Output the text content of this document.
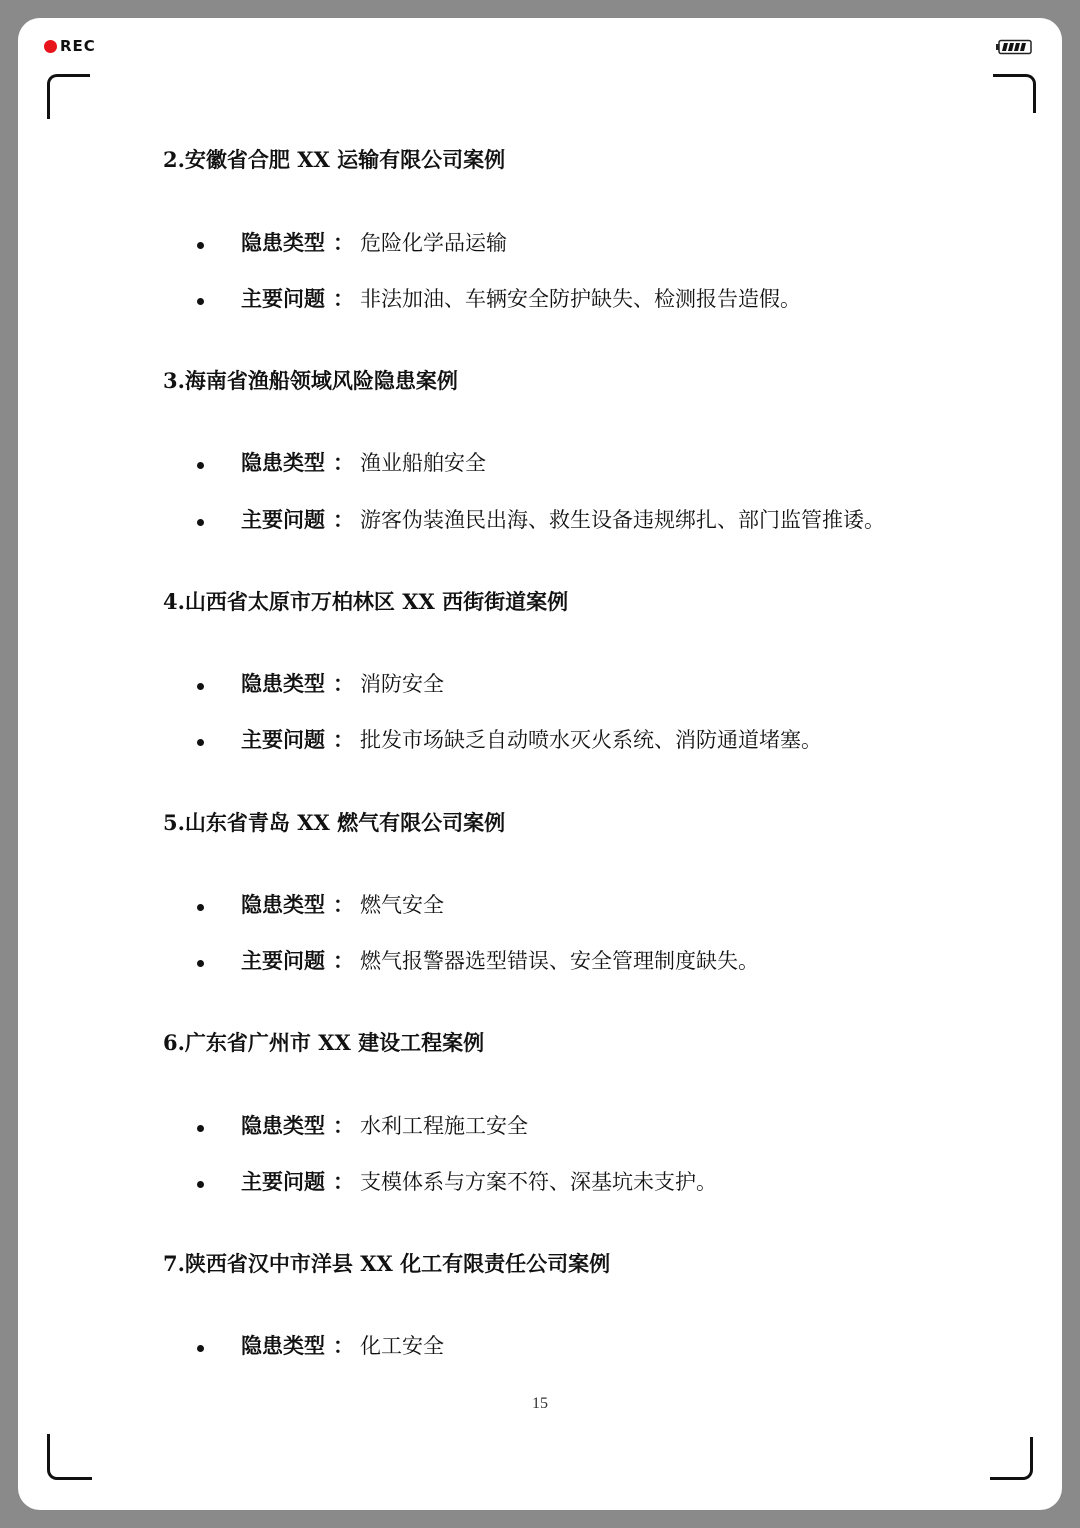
REC
2.安徽省合肥 XX 运输有限公司案例
隐患类型 ： 危险化学品运输
主要问题 ： 非法加油、车辆安全防护缺失、检测报告造假。
3.海南省渔船领域风险隐患案例
隐患类型 ： 渔业船舶安全
主要问题 ： 游客伪装渔民出海、救生设备违规绑扎、部门监管推诿。
4.山西省太原市万柏林区 XX 西街街道案例
隐患类型 ： 消防安全
主要问题 ： 批发市场缺乏自动喷水灭火系统、消防通道堵塞。
5.山东省青岛 XX 燃气有限公司案例
隐患类型 ： 燃气安全
主要问题 ： 燃气报警器选型错误、安全管理制度缺失。
6.广东省广州市 XX 建设工程案例
隐患类型 ： 水利工程施工安全
主要问题 ： 支模体系与方案不符、深基坑未支护。
7.陕西省汉中市洋县 XX 化工有限责任公司案例
隐患类型 ： 化工安全
15
